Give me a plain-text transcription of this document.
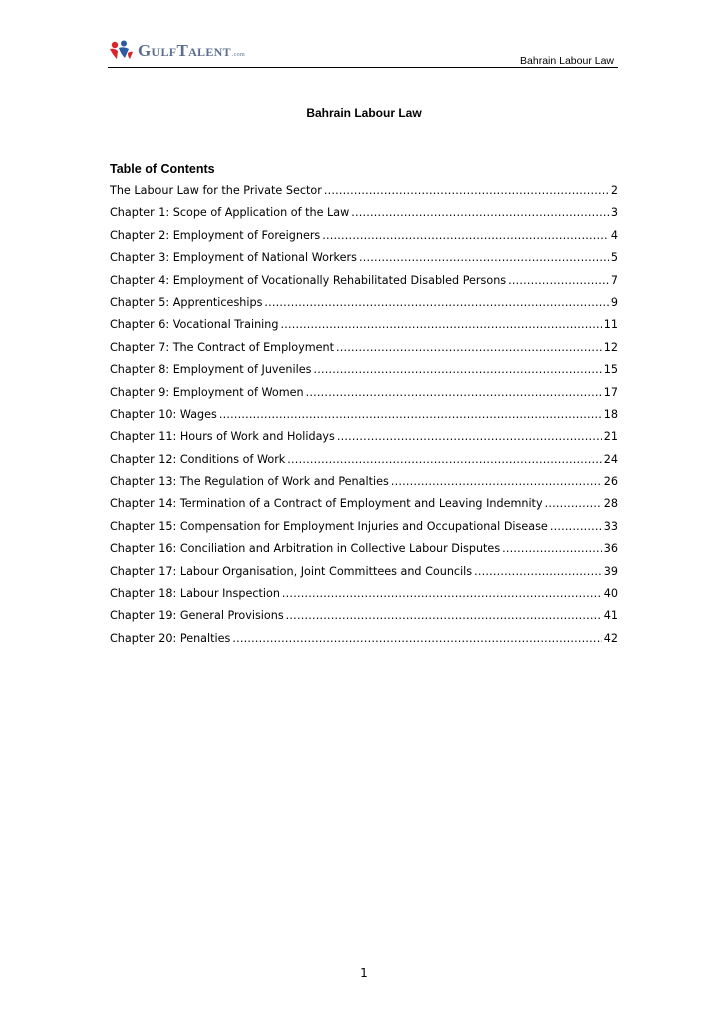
GULFTALENT.com	Bahrain Labour Law
Bahrain Labour Law
Table of Contents
The Labour Law for the Private Sector .....	2
Chapter 1: Scope of Application of the Law .....	3
Chapter 2: Employment of Foreigners .....	4
Chapter 3: Employment of National Workers .....	5
Chapter 4: Employment of Vocationally Rehabilitated Disabled Persons .....	7
Chapter 5: Apprenticeships .....	9
Chapter 6: Vocational Training .....	11
Chapter 7: The Contract of Employment .....	12
Chapter 8: Employment of Juveniles .....	15
Chapter 9: Employment of Women .....	17
Chapter 10: Wages .....	18
Chapter 11: Hours of Work and Holidays .....	21
Chapter 12: Conditions of Work .....	24
Chapter 13: The Regulation of Work and Penalties .....	26
Chapter 14: Termination of a Contract of Employment and Leaving Indemnity .....	28
Chapter 15: Compensation for Employment Injuries and Occupational Disease .....	33
Chapter 16: Conciliation and Arbitration in Collective Labour Disputes .....	36
Chapter 17: Labour Organisation, Joint Committees and Councils .....	39
Chapter 18: Labour Inspection .....	40
Chapter 19: General Provisions .....	41
Chapter 20: Penalties .....	42
1
